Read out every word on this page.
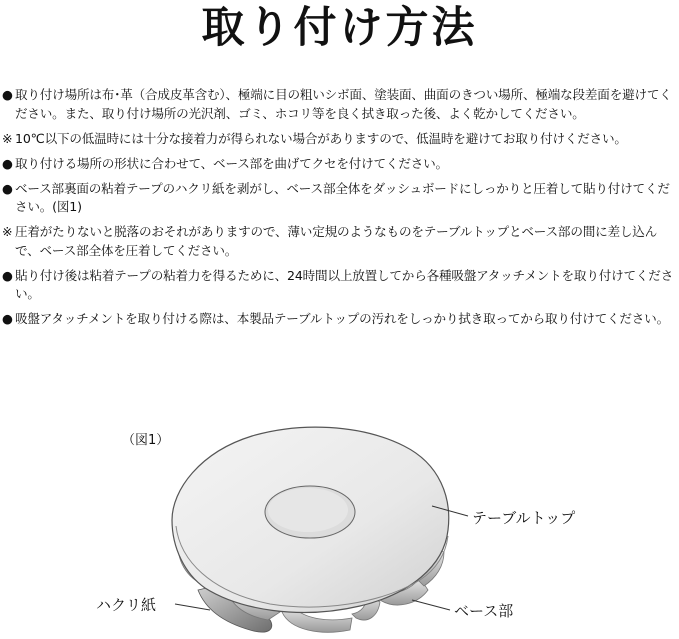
取り付け方法
● 取り付け場所は布･革（合成皮革含む）、極端に目の粗いシボ面、塗装面、曲面のきつい場所、極端な段差面を避けてください。また、取り付け場所の光沢剤、ゴミ、ホコリ等を良く拭き取った後、よく乾かしてください。
※ 10℃以下の低温時には十分な接着力が得られない場合がありますので、低温時を避けてお取り付けください。
● 取り付ける場所の形状に合わせて、ベース部を曲げてクセを付けてください。
● ベース部裏面の粘着テープのハクリ紙を剥がし、ベース部全体をダッシュボードにしっかりと圧着して貼り付けてください。(図1)
※ 圧着がたりないと脱落のおそれがありますので、薄い定規のようなものをテーブルトップとベース部の間に差し込んで、ベース部全体を圧着してください。
● 貼り付け後は粘着テープの粘着力を得るために、24時間以上放置してから各種吸盤アタッチメントを取り付けてください。
● 吸盤アタッチメントを取り付ける際は、本製品テーブルトップの汚れをしっかり拭き取ってから取り付けてください。
（図1）
テーブルトップ
ハクリ紙	ベース部
